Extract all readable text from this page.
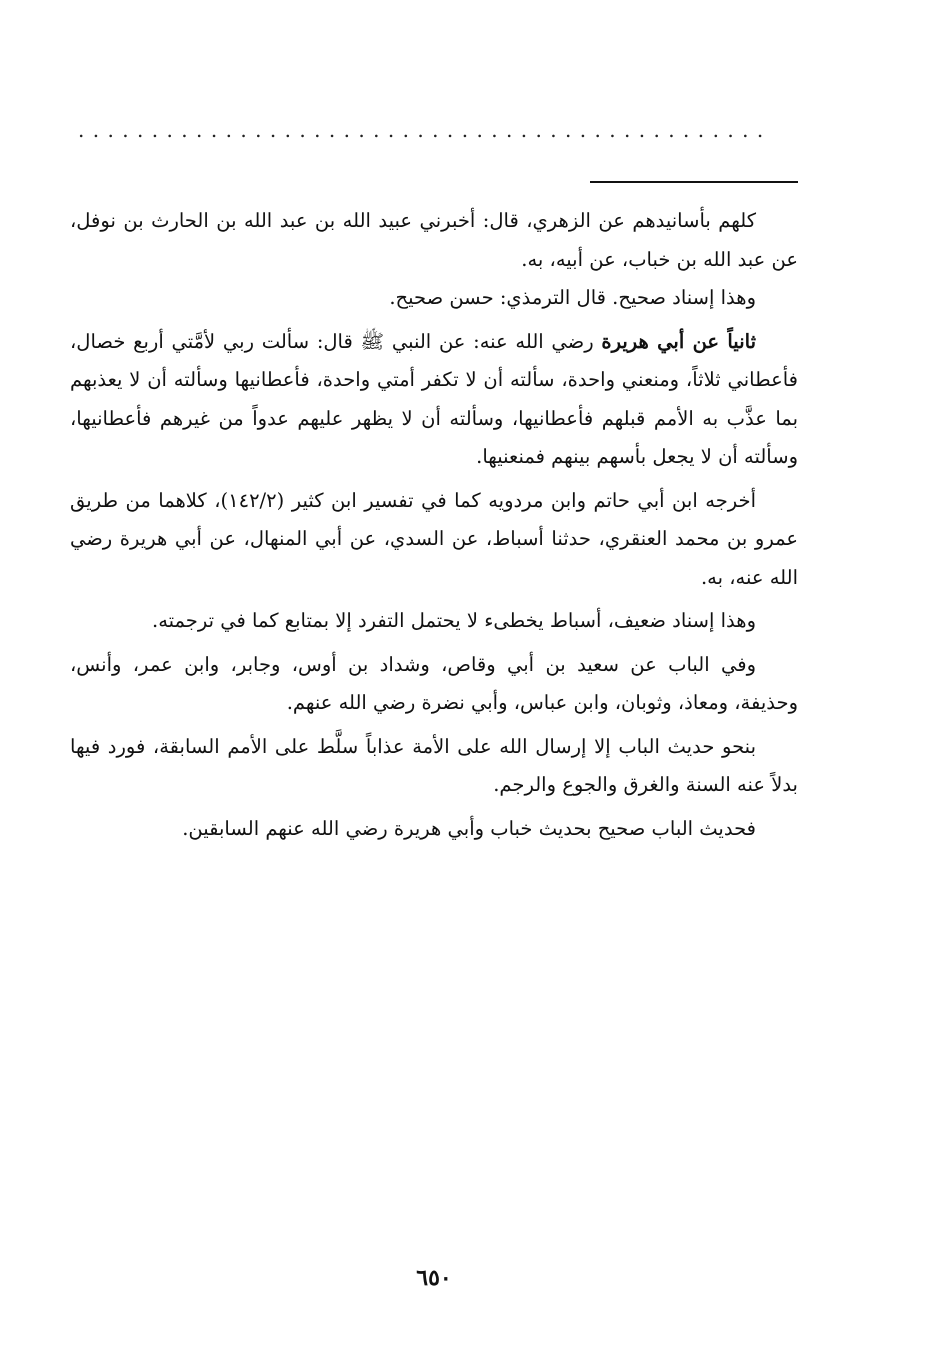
...............................................

كلهم بأسانيدهم عن الزهري، قال: أخبرني عبيد الله بن عبد الله بن الحارث بن نوفل، عن عبد الله بن خباب، عن أبيه، به.

وهذا إسناد صحيح. قال الترمذي: حسن صحيح.

ثانياً عن أبي هريرة رضي الله عنه: عن النبي ﷺ قال: سألت ربي لأمَّتي أربع خصال، فأعطاني ثلاثاً، ومنعني واحدة، سألته أن لا تكفر أمتي واحدة، فأعطانيها وسألته أن لا يعذبهم بما عذَّب به الأمم قبلهم فأعطانيها، وسألته أن لا يظهر عليهم عدواً من غيرهم فأعطانيها، وسألته أن لا يجعل بأسهم بينهم فمنعنيها.

أخرجه ابن أبي حاتم وابن مردويه كما في تفسير ابن كثير (١٤٢/٢)، كلاهما من طريق عمرو بن محمد العنقري، حدثنا أسباط، عن السدي، عن أبي المنهال، عن أبي هريرة رضي الله عنه، به.

وهذا إسناد ضعيف، أسباط يخطىء لا يحتمل التفرد إلا بمتابع كما في ترجمته.

وفي الباب عن سعيد بن أبي وقاص، وشداد بن أوس، وجابر، وابن عمر، وأنس، وحذيفة، ومعاذ، وثوبان، وابن عباس، وأبي نضرة رضي الله عنهم.

بنحو حديث الباب إلا إرسال الله على الأمة عذاباً سلَّط على الأمم السابقة، فورد فيها بدلاً عنه السنة والغرق والجوع والرجم.

فحديث الباب صحيح بحديث خباب وأبي هريرة رضي الله عنهم السابقين.

٦٥٠
